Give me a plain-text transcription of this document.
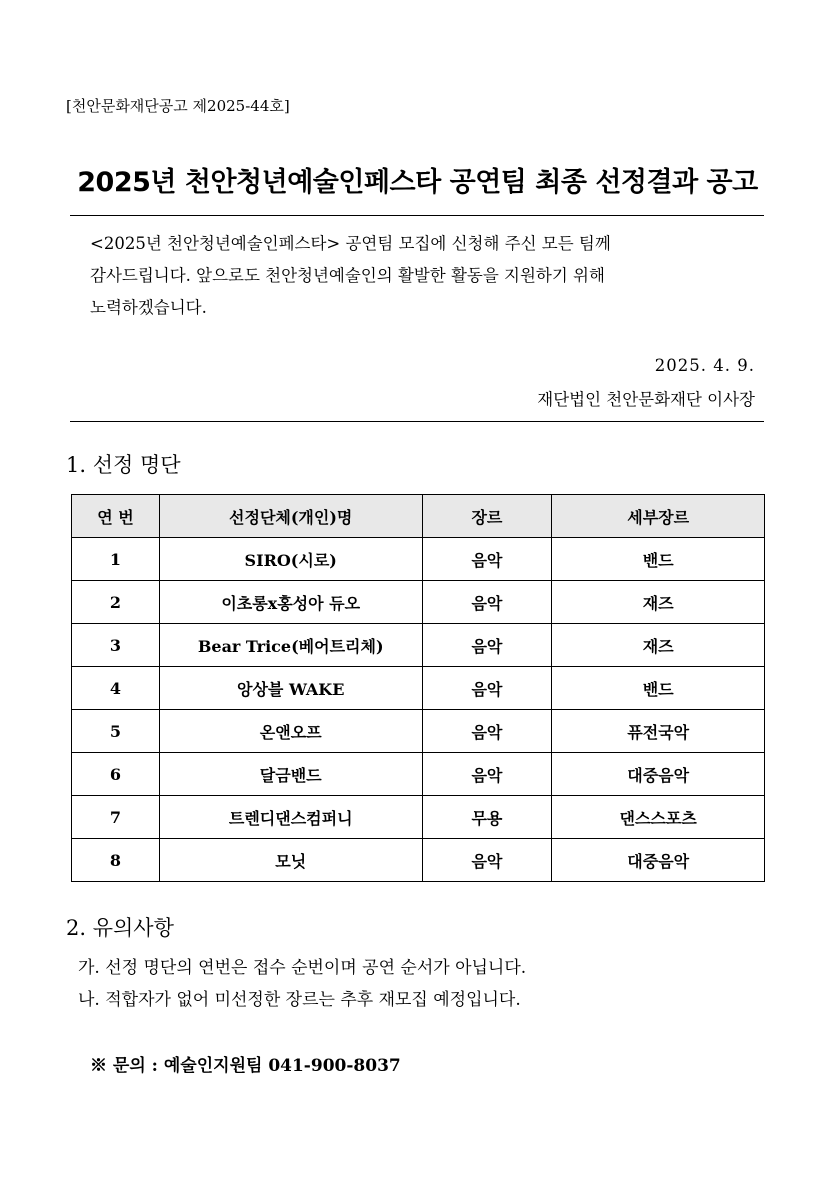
[천안문화재단공고 제2025-44호]
2025년 천안청년예술인페스타 공연팀 최종 선정결과 공고
<2025년 천안청년예술인페스타> 공연팀 모집에 신청해 주신 모든 팀께
감사드립니다. 앞으로도 천안청년예술인의 활발한 활동을 지원하기 위해
노력하겠습니다.
2025. 4. 9.
재단법인 천안문화재단 이사장
1. 선정 명단
연 번	선정단체(개인)명	장르	세부장르
1	SIRO(시로)	음악	밴드
2	이초롱x홍성아 듀오	음악	재즈
3	Bear Trice(베어트리체)	음악	재즈
4	앙상블 WAKE	음악	밴드
5	온앤오프	음악	퓨전국악
6	달금밴드	음악	대중음악
7	트렌디댄스컴퍼니	무용	댄스스포츠
8	모닛	음악	대중음악
2. 유의사항
가. 선정 명단의 연번은 접수 순번이며 공연 순서가 아닙니다.
나. 적합자가 없어 미선정한 장르는 추후 재모집 예정입니다.
※ 문의 : 예술인지원팀 041-900-8037
